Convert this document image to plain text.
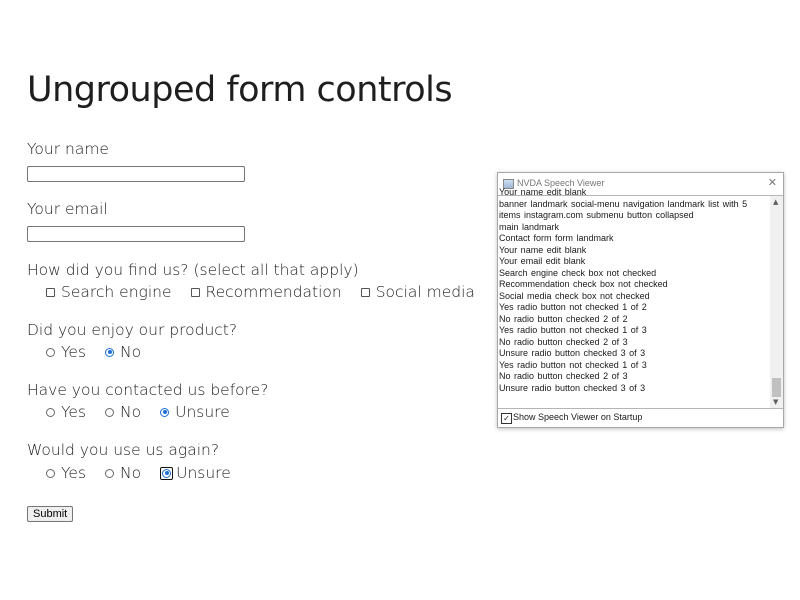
Ungrouped form controls
Your name
Your email
How did you find us? (select all that apply)
Search engine Recommendation Social media
Did you enjoy our product?
Yes No
Have you contacted us before?
Yes No Unsure
Would you use us again?
Yes No Unsure
Submit
NVDA Speech Viewer	✕
Your name edit blank
banner landmark social-menu navigation landmark list with 5
items instagram.com submenu button collapsed
main landmark
Contact form form landmark
Your name edit blank
Your email edit blank
Search engine check box not checked
Recommendation check box not checked
Social media check box not checked
Yes radio button not checked 1 of 2
No radio button checked 2 of 2
Yes radio button not checked 1 of 3
No radio button checked 2 of 3
Unsure radio button checked 3 of 3
Yes radio button not checked 1 of 3
No radio button checked 2 of 3
Unsure radio button checked 3 of 3
▲
▼
✓ Show Speech Viewer on Startup
